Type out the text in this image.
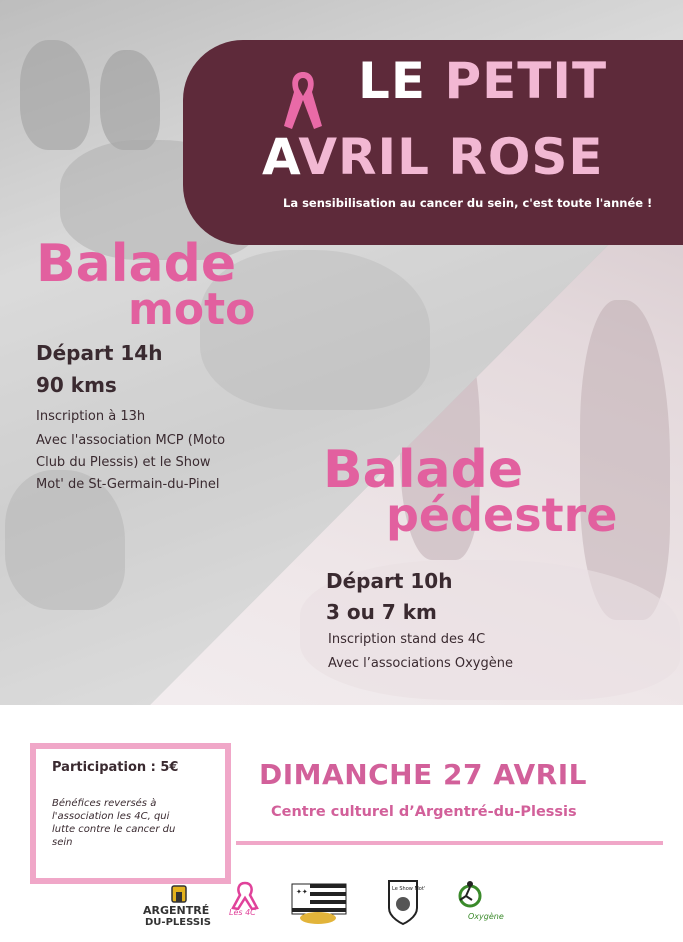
LE PETIT
AVRIL ROSE
La sensibilisation au cancer du sein, c'est toute l'année !
Balade
moto
Départ 14h
90 kms
Inscription à 13h
Avec l'association MCP (Moto
Club du Plessis) et le Show
Mot' de St-Germain-du-Pinel Balade
pédestre
Départ 10h
3 ou 7 km
Inscription stand des 4C
Avec l’associations Oxygène
Participation : 5€
Bénéfices reversés à
l'association les 4C, qui
lutte contre le cancer du
sein
DIMANCHE 27 AVRIL
Centre culturel d’Argentré-du-Plessis
ARGENTRÉ
DU-PLESSIS
Les 4C
✦✦	Le Show Mot'
Oxygène
